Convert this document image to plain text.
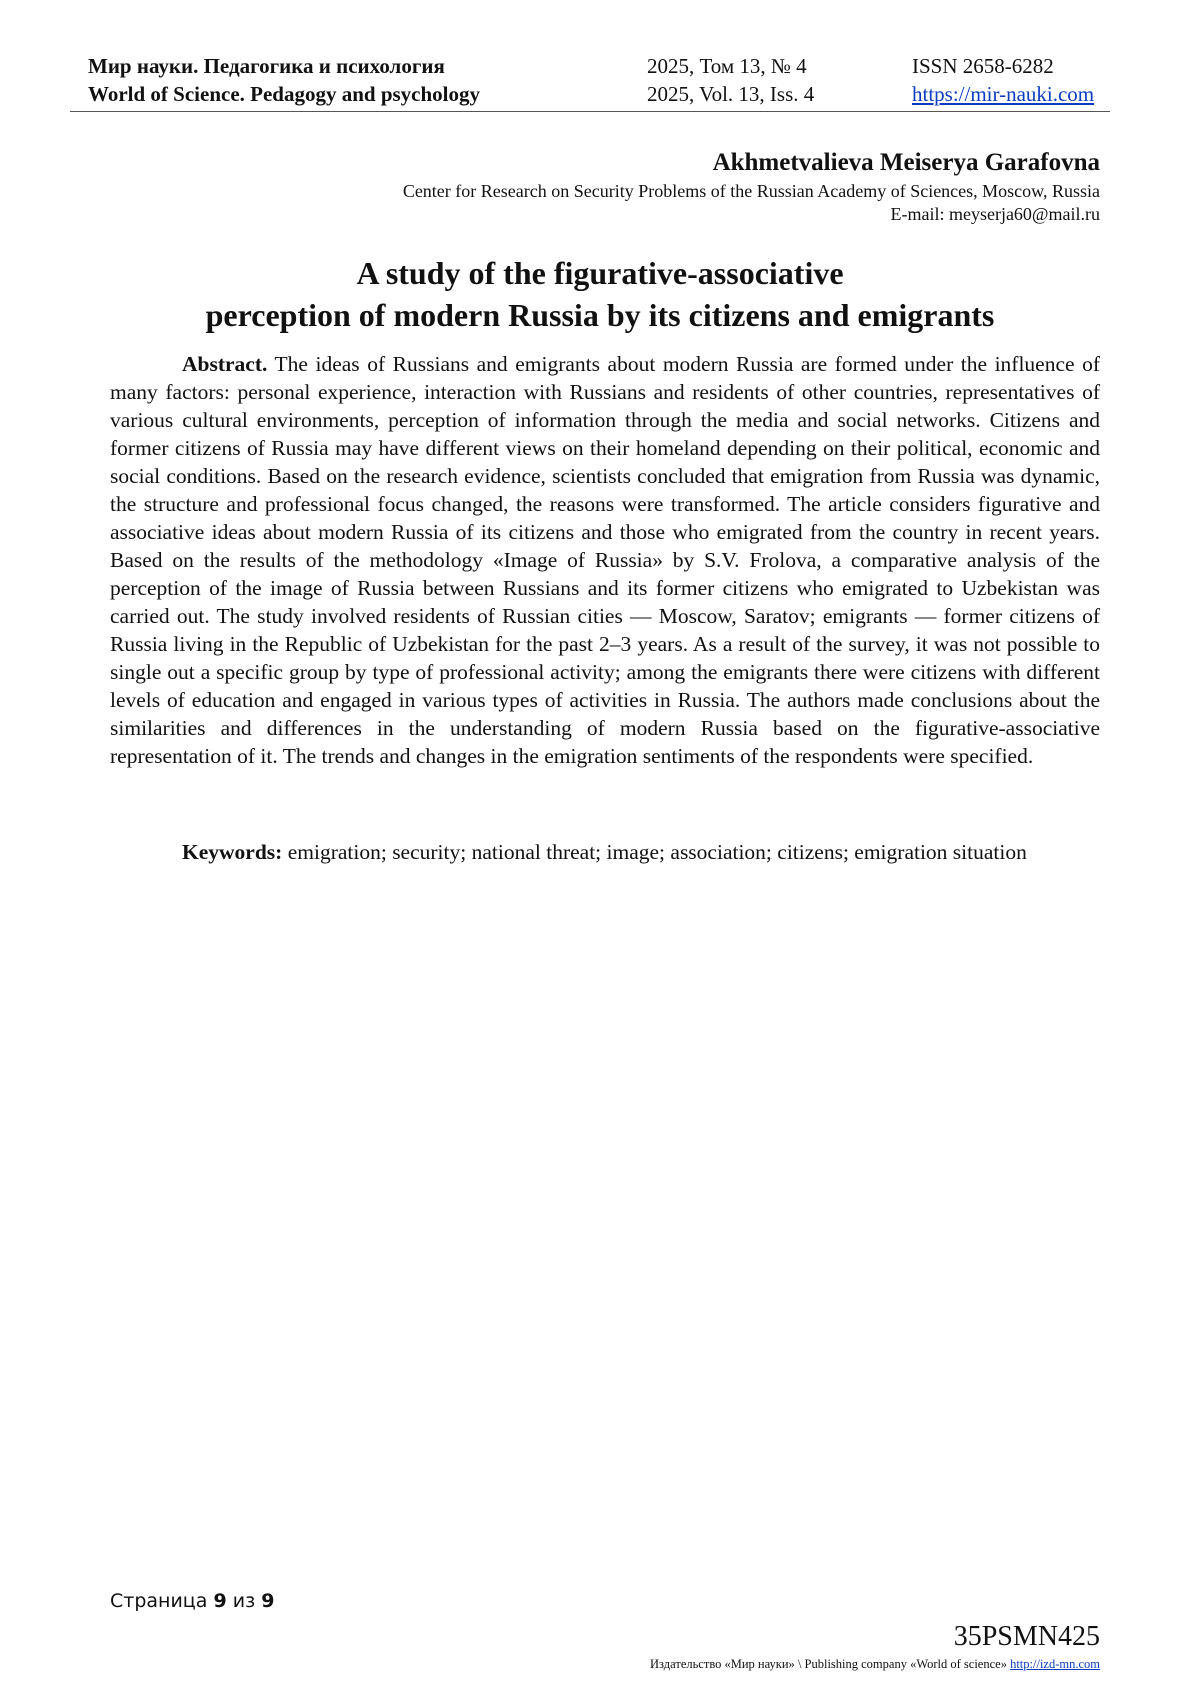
Мир науки. Педагогика и психология
World of Science. Pedagogy and psychology
2025, Том 13, № 4
2025, Vol. 13, Iss. 4
ISSN 2658-6282
https://mir-nauki.com
Akhmetvalieva Meiserya Garafovna
Center for Research on Security Problems of the Russian Academy of Sciences, Moscow, Russia
E-mail: meyserja60@mail.ru
A study of the figurative-associative
perception of modern Russia by its citizens and emigrants

Abstract. The ideas of Russians and emigrants about modern Russia are formed under the influence of many factors: personal experience, interaction with Russians and residents of other countries, representatives of various cultural environments, perception of information through the media and social networks. Citizens and former citizens of Russia may have different views on their homeland depending on their political, economic and social conditions. Based on the research evidence, scientists concluded that emigration from Russia was dynamic, the structure and professional focus changed, the reasons were transformed. The article considers figurative and associative ideas about modern Russia of its citizens and those who emigrated from the country in recent years. Based on the results of the methodology «Image of Russia» by S.V. Frolova, a comparative analysis of the perception of the image of Russia between Russians and its former citizens who emigrated to Uzbekistan was carried out. The study involved residents of Russian cities — Moscow, Saratov; emigrants — former citizens of Russia living in the Republic of Uzbekistan for the past 2–3 years. As a result of the survey, it was not possible to single out a specific group by type of professional activity; among the emigrants there were citizens with different levels of education and engaged in various types of activities in Russia. The authors made conclusions about the similarities and differences in the understanding of modern Russia based on the figurative-associative representation of it. The trends and changes in the emigration sentiments of the respondents were specified.

Keywords: emigration; security; national threat; image; association; citizens; emigration situation

Страница 9 из 9
35PSMN425
Издательство «Мир науки» \ Publishing company «World of science» http://izd-mn.com
